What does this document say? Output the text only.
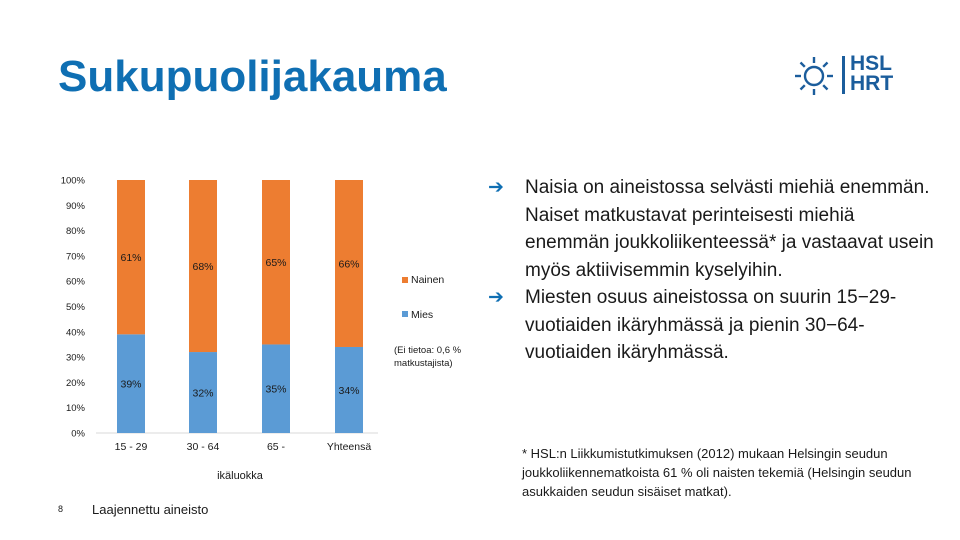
Sukupuolijakauma	HSL
HRT
0%
10%
20%
30%
40%
50%
60%
70%
80%
90%
100%
39%
61%
15 - 29
32%
68%
30 - 64
35%
65%
65 -
34%
66%
Yhteensä
ikäluokka
Nainen
Mies
(Ei tietoa: 0,6 %
matkustajista)
➔ Naisia on aineistossa selvästi miehiä enemmän. Naiset matkustavat perinteisesti miehiä enemmän joukkoliikenteessä* ja vastaavat usein myös aktiivisemmin kyselyihin.
➔ Miesten osuus aineistossa on suurin 15−29-vuotiaiden ikäryhmässä ja pienin 30−64-vuotiaiden ikäryhmässä.

* HSL:n Liikkumistutkimuksen (2012) mukaan Helsingin seudun joukkoliikennematkoista 61 % oli naisten tekemiä (Helsingin seudun asukkaiden seudun sisäiset matkat).

8 Laajennettu aineisto
